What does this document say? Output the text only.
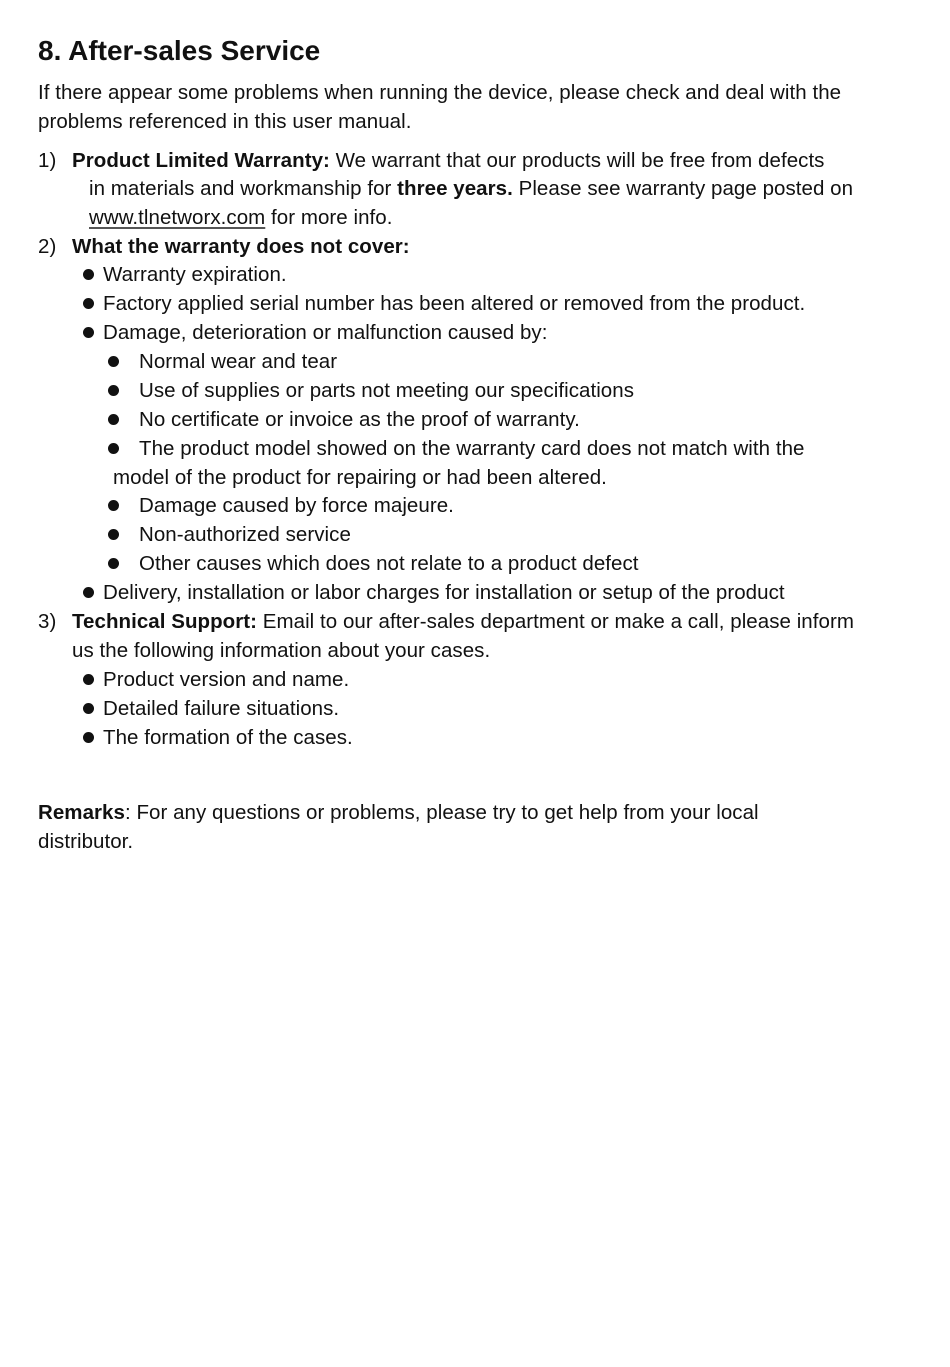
8. After-sales Service
If there appear some problems when running the device, please check and deal with the
problems referenced in this user manual.
1) Product Limited Warranty: We warrant that our products will be free from defects
in materials and workmanship for three years. Please see warranty page posted on
www.tlnetworx.com for more info.
2) What the warranty does not cover:
Warranty expiration.
Factory applied serial number has been altered or removed from the product.
Damage, deterioration or malfunction caused by:
Normal wear and tear
Use of supplies or parts not meeting our specifications
No certificate or invoice as the proof of warranty.
The product model showed on the warranty card does not match with the
model of the product for repairing or had been altered.
Damage caused by force majeure.
Non-authorized service
Other causes which does not relate to a product defect
Delivery, installation or labor charges for installation or setup of the product
3) Technical Support: Email to our after-sales department or make a call, please inform
us the following information about your cases.
Product version and name.
Detailed failure situations.
The formation of the cases.
Remarks: For any questions or problems, please try to get help from your local
distributor.
